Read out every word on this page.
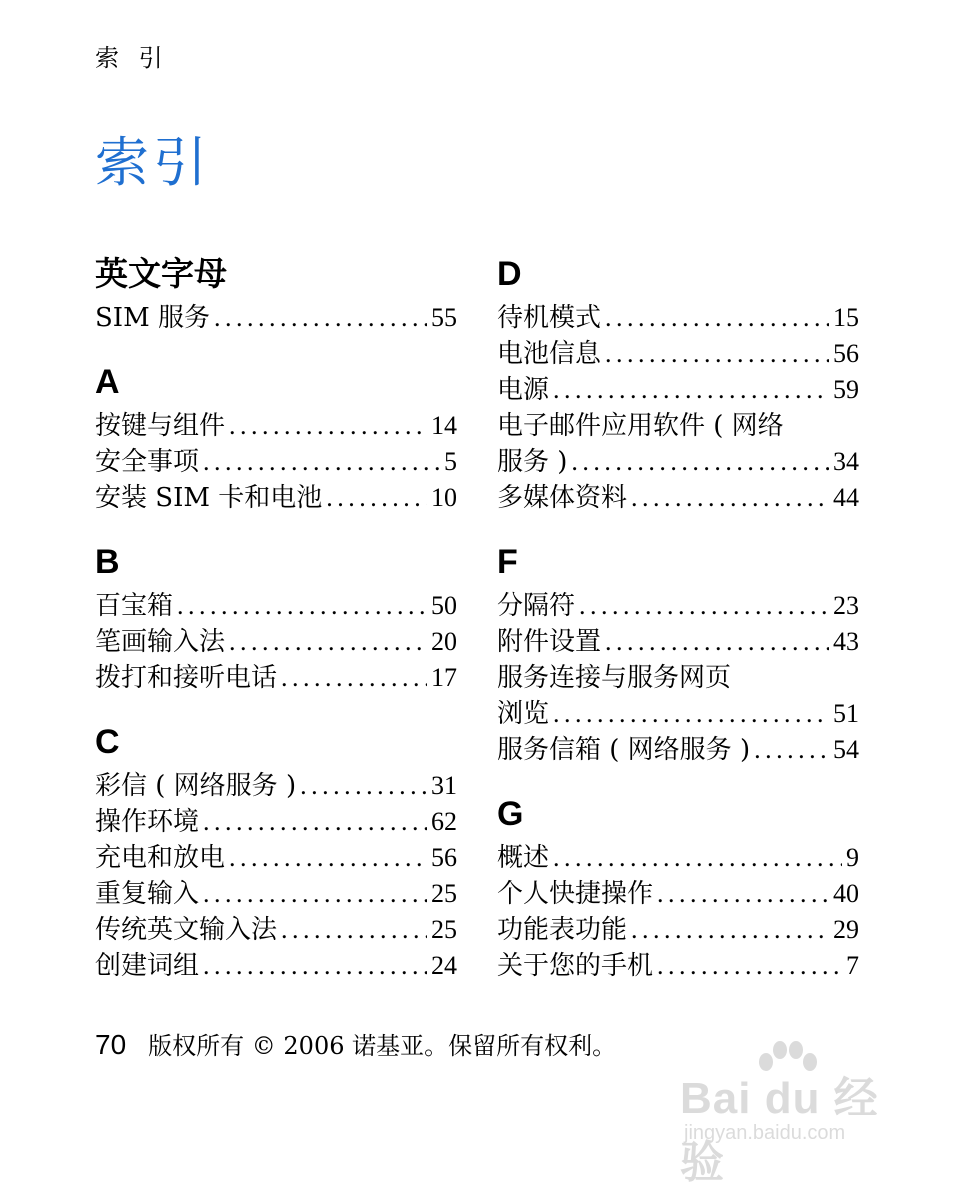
索 引
索引
英文字母
SIM 服务 . . .	55
A
按键与组件 . . .	14
安全事项 . . .	5
安装 SIM 卡和电池 . . .	10
B
百宝箱 . . .	50
笔画输入法 . . .	20
拨打和接听电话 . . .	17
C
彩信 ( 网络服务 ) . . .	31
操作环境 . . .	62
充电和放电 . . .	56
重复输入 . . .	25
传统英文输入法 . . .	25
创建词组 . . .	24
D
待机模式 . . .	15
电池信息 . . .	56
电源 . . .	59
电子邮件应用软件 ( 网络
服务 ) . . .	34
多媒体资料 . . .	44
F
分隔符 . . .	23
附件设置 . . .	43
服务连接与服务网页
浏览 . . .	51
服务信箱 ( 网络服务 ) . . .	54
G
概述 . . .	9
个人快捷操作 . . .	40
功能表功能 . . .	29
关于您的手机 . . .	7
70 版权所有 © 2006 诺基亚。保留所有权利。
Bai du 经验
jingyan.baidu.com
